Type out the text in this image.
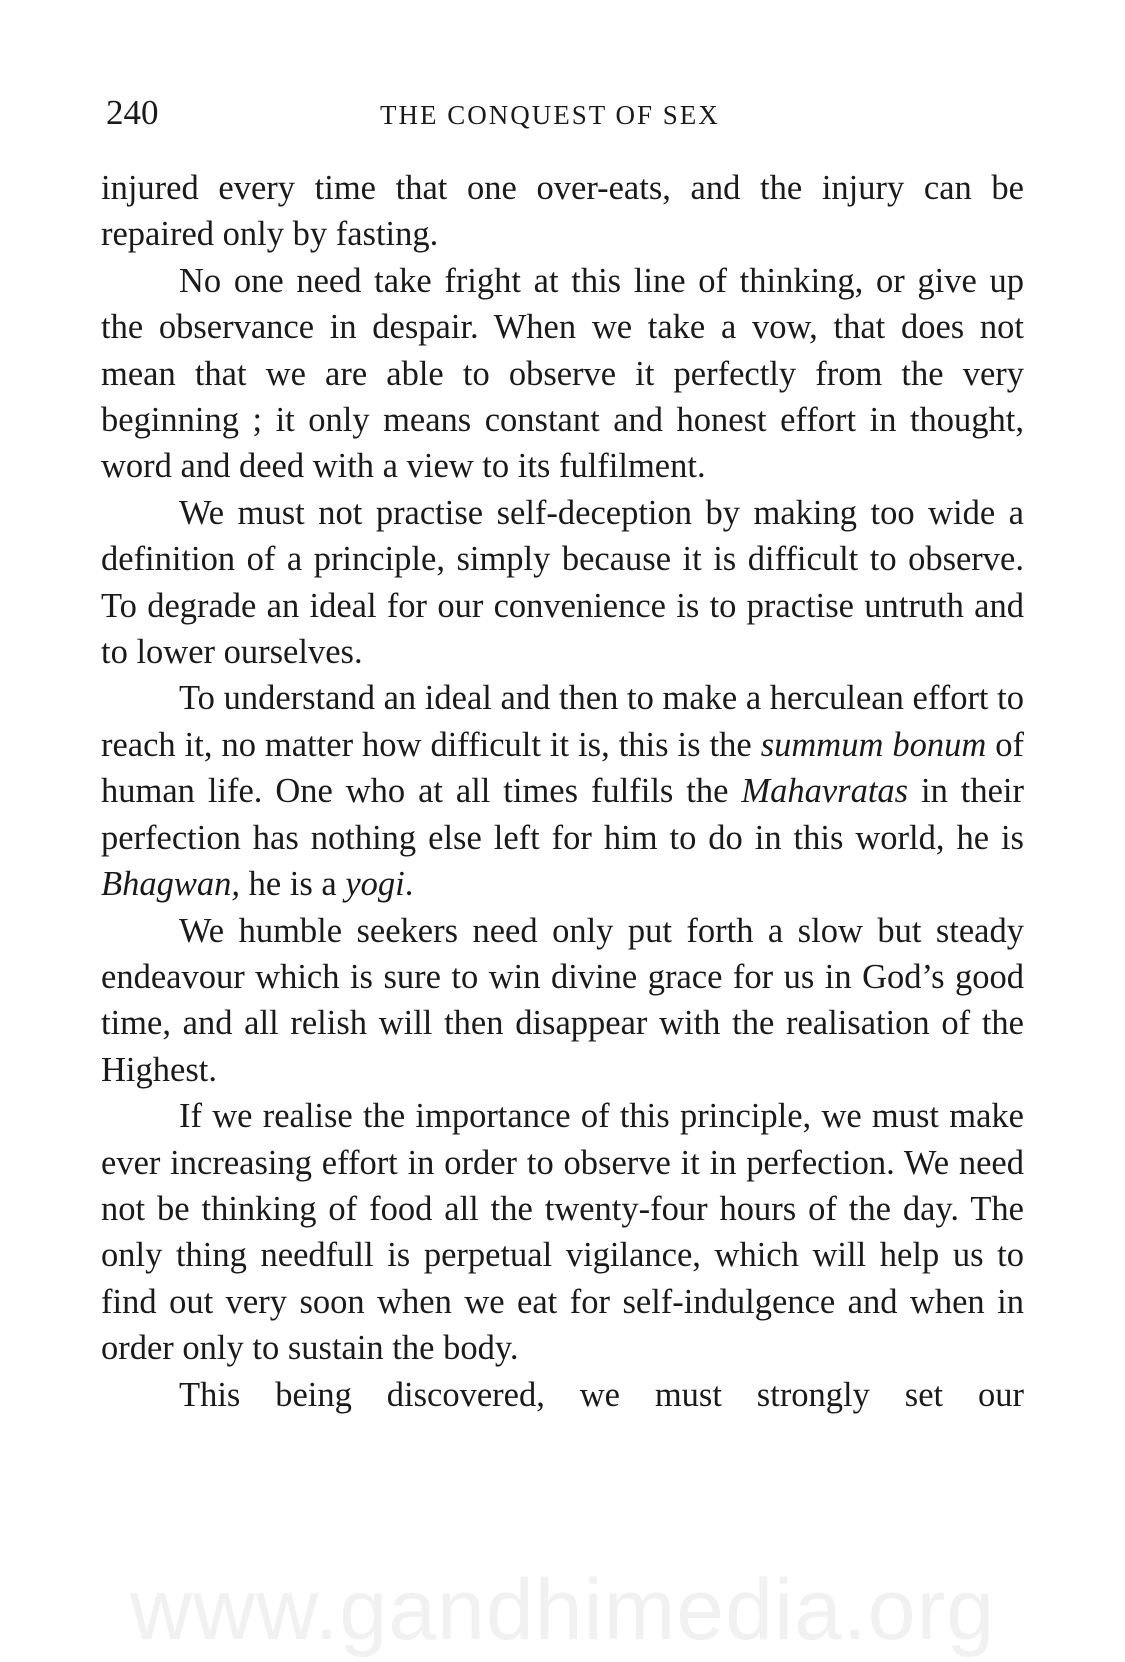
240	THE CONQUEST OF SEX

injured every time that one over-eats, and the injury can be repaired only by fasting.

No one need take fright at this line of thinking, or give up the observance in despair. When we take a vow, that does not mean that we are able to observe it perfectly from the very beginning ; it only means constant and honest effort in thought, word and deed with a view to its fulfilment.

We must not practise self-deception by making too wide a definition of a principle, simply because it is difficult to observe. To degrade an ideal for our convenience is to practise untruth and to lower ourselves.

To understand an ideal and then to make a herculean effort to reach it, no matter how difficult it is, this is the summum bonum of human life. One who at all times fulfils the Mahavratas in their perfection has nothing else left for him to do in this world, he is Bhagwan, he is a yogi.

We humble seekers need only put forth a slow but steady endeavour which is sure to win divine grace for us in God’s good time, and all relish will then disappear with the realisation of the Highest.

If we realise the importance of this principle, we must make ever increasing effort in order to observe it in perfection. We need not be thinking of food all the twenty-four hours of the day. The only thing needfull is perpetual vigilance, which will help us to find out very soon when we eat for self-indulgence and when in order only to sustain the body.

This being discovered, we must strongly set our

www.gandhimedia.org
